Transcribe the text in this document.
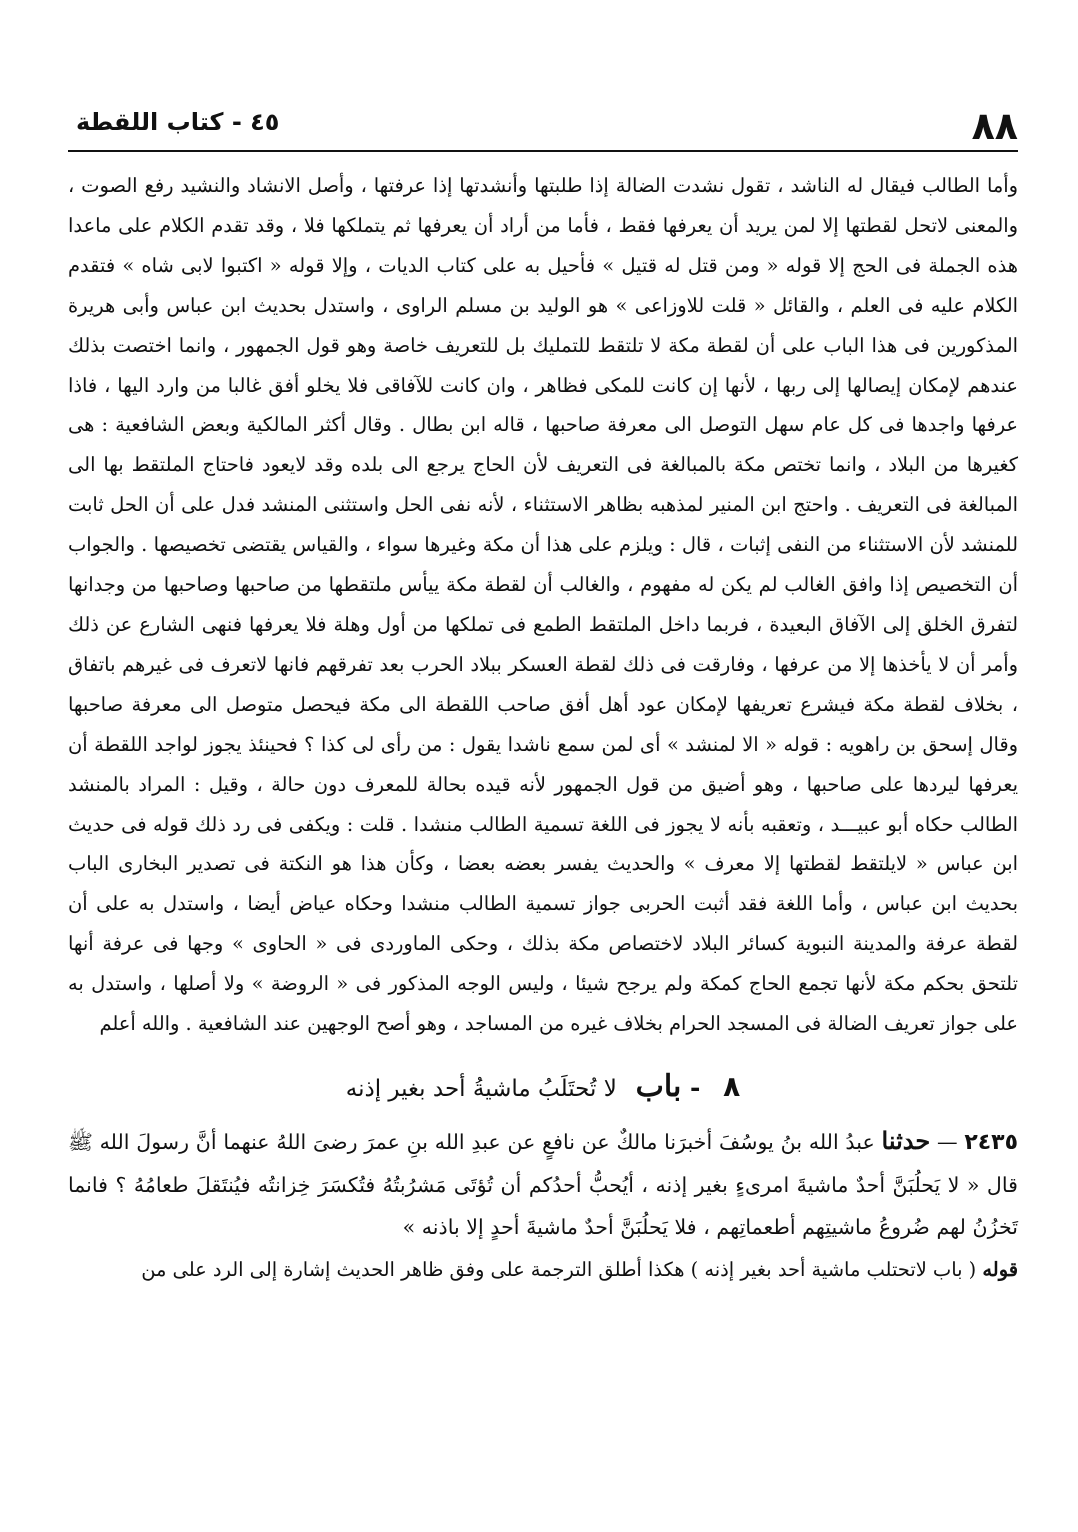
٨٨
٤٥ - كتاب اللقطة

وأما الطالب فيقال له الناشد ، تقول نشدت الضالة إذا طلبتها وأنشدتها إذا عرفتها ، وأصل الانشاد والنشيد رفع الصوت ، والمعنى لاتحل لقطتها إلا لمن يريد أن يعرفها فقط ، فأما من أراد أن يعرفها ثم يتملكها فلا ، وقد تقدم الكلام على ماعدا هذه الجملة فى الحج إلا قوله « ومن قتل له قتيل » فأحيل به على كتاب الديات ، وإلا قوله « اكتبوا لابى شاه » فتقدم الكلام عليه فى العلم ، والقائل « قلت للاوزاعى » هو الوليد بن مسلم الراوى ، واستدل بحديث ابن عباس وأبى هريرة المذكورين فى هذا الباب على أن لقطة مكة لا تلتقط للتمليك بل للتعريف خاصة وهو قول الجمهور ، وانما اختصت بذلك عندهم لإمكان إيصالها إلى ربها ، لأنها إن كانت للمكى فظاهر ، وان كانت للآفاقى فلا يخلو أفق غالبا من وارد اليها ، فاذا عرفها واجدها فى كل عام سهل التوصل الى معرفة صاحبها ، قاله ابن بطال . وقال أكثر المالكية وبعض الشافعية : هى كغيرها من البلاد ، وانما تختص مكة بالمبالغة فى التعريف لأن الحاج يرجع الى بلده وقد لايعود فاحتاج الملتقط بها الى المبالغة فى التعريف . واحتج ابن المنير لمذهبه بظاهر الاستثناء ، لأنه نفى الحل واستثنى المنشد فدل على أن الحل ثابت للمنشد لأن الاستثناء من النفى إثبات ، قال : ويلزم على هذا أن مكة وغيرها سواء ، والقياس يقتضى تخصيصها . والجواب أن التخصيص إذا وافق الغالب لم يكن له مفهوم ، والغالب أن لقطة مكة ييأس ملتقطها من صاحبها وصاحبها من وجدانها لتفرق الخلق إلى الآفاق البعيدة ، فربما داخل الملتقط الطمع فى تملكها من أول وهلة فلا يعرفها فنهى الشارع عن ذلك وأمر أن لا يأخذها إلا من عرفها ، وفارقت فى ذلك لقطة العسكر ببلاد الحرب بعد تفرقهم فانها لاتعرف فى غيرهم باتفاق ، بخلاف لقطة مكة فيشرع تعريفها لإمكان عود أهل أفق صاحب اللقطة الى مكة فيحصل متوصل الى معرفة صاحبها وقال إسحق بن راهويه : قوله « الا لمنشد » أى لمن سمع ناشدا يقول : من رأى لى كذا ؟ فحينئذ يجوز لواجد اللقطة أن يعرفها ليردها على صاحبها ، وهو أضيق من قول الجمهور لأنه قيده بحالة للمعرف دون حالة ، وقيل : المراد بالمنشد الطالب حكاه أبو عبيـــد ، وتعقبه بأنه لا يجوز فى اللغة تسمية الطالب منشدا . قلت : ويكفى فى رد ذلك قوله فى حديث ابن عباس « لايلتقط لقطتها إلا معرف » والحديث يفسر بعضه بعضا ، وكأن هذا هو النكتة فى تصدير البخارى الباب بحديث ابن عباس ، وأما اللغة فقد أثبت الحربى جواز تسمية الطالب منشدا وحكاه عياض أيضا ، واستدل به على أن لقطة عرفة والمدينة النبوية كسائر البلاد لاختصاص مكة بذلك ، وحكى الماوردى فى « الحاوى » وجها فى عرفة أنها تلتحق بحكم مكة لأنها تجمع الحاج كمكة ولم يرجح شيئا ، وليس الوجه المذكور فى « الروضة » ولا أصلها ، واستدل به على جواز تعريف الضالة فى المسجد الحرام بخلاف غيره من المساجد ، وهو أصح الوجهين عند الشافعية . والله أعلم

٨ - باب لا تُحتَلَبُ ماشيةُ أحد بغير إذنه

٢٤٣٥ — حدثنا عبدُ الله بنُ يوسُفَ أخبرَنا مالكٌ عن نافعٍ عن عبدِ الله بنِ عمرَ رضىَ اللهُ عنهما أنَّ رسولَ الله ﷺ قال « لا يَحلُبَنَّ أحدٌ ماشيةَ امرىءٍ بغير إذنه ، أيُحبُّ أحدُكم أن تُؤتَى مَشرُبتُهُ فتُكسَرَ خِزانتُه فيُنتَقلَ طعامُهُ ؟ فانما تَخزُنُ لهم ضُروعُ ماشيتِهم أطعماتِهم ، فلا يَحلُبَنَّ أحدٌ ماشيةَ أحدٍ إلا باذنه »

قوله ( باب لاتحتلب ماشية أحد بغير إذنه ) هكذا أطلق الترجمة على وفق ظاهر الحديث إشارة إلى الرد على من
